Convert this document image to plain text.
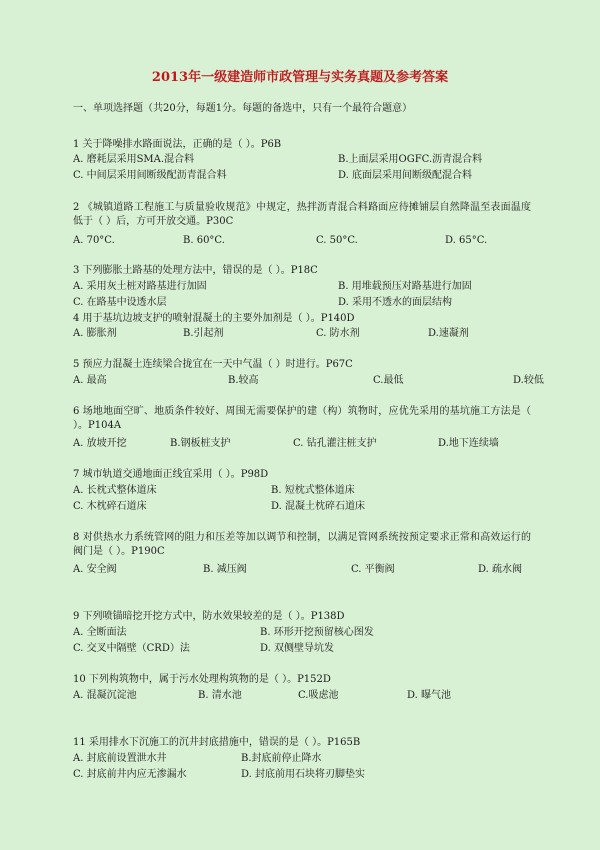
2013年一级建造师市政管理与实务真题及参考答案
一、单项选择题（共20分，每题1分。每题的备选中，只有一个最符合题意）
1 关于降噪排水路面说法，正确的是（ ）。P6B
A. 磨耗层采用SMA.混合料	B.上面层采用OGFC.沥青混合料
C. 中间层采用间断级配沥青混合料	D. 底面层采用间断级配混合料
2 《城镇道路工程施工与质量验收规范》中规定，热拌沥青混合料路面应待摊铺层自然降温至表面温度低于（ ）后，方可开放交通。P30C
A. 70°C.	B. 60°C.	C. 50°C.	D. 65°C.
3 下列膨胀土路基的处理方法中，错误的是（ ）。P18C
A. 采用灰土桩对路基进行加固	B. 用堆载预压对路基进行加固
C. 在路基中设透水层	D. 采用不透水的面层结构
4 用于基坑边坡支护的喷射混凝土的主要外加剂是（ ）。P140D
A. 膨胀剂	B.引起剂	C. 防水剂	D.速凝剂
5 预应力混凝土连续梁合拢宜在一天中气温（ ）时进行。P67C
A. 最高	B.较高	C.最低	D.较低
6 场地地面空旷、地质条件较好、周围无需要保护的建（构）筑物时，应优先采用的基坑施工方法是（ ）。P104A
A. 放坡开挖	B.钢板桩支护	C. 钻孔灌注桩支护	D.地下连续墙
7 城市轨道交通地面正线宜采用（ ）。P98D
A. 长枕式整体道床	B. 短枕式整体道床
C. 木枕碎石道床	D. 混凝土枕碎石道床
8 对供热水力系统管网的阻力和压差等加以调节和控制，以满足管网系统按预定要求正常和高效运行的阀门是（ ）。P190C
A. 安全阀	B. 减压阀	C. 平衡阀	D. 疏水阀
9 下列喷锚暗挖开挖方式中，防水效果较差的是（ ）。P138D
A. 全断面法	B. 环形开挖预留核心图发
C. 交叉中隔壁（CRD）法	D. 双侧壁导坑发
10 下列构筑物中，属于污水处理构筑物的是（ ）。P152D
A. 混凝沉淀池	B. 清水池	C.吸虑池	D. 曝气池
11 采用排水下沉施工的沉井封底措施中，错误的是（ ）。P165B
A. 封底前设置泄水井	B.封底前停止降水
C. 封底前井内应无渗漏水	D. 封底前用石块将刃脚垫实
